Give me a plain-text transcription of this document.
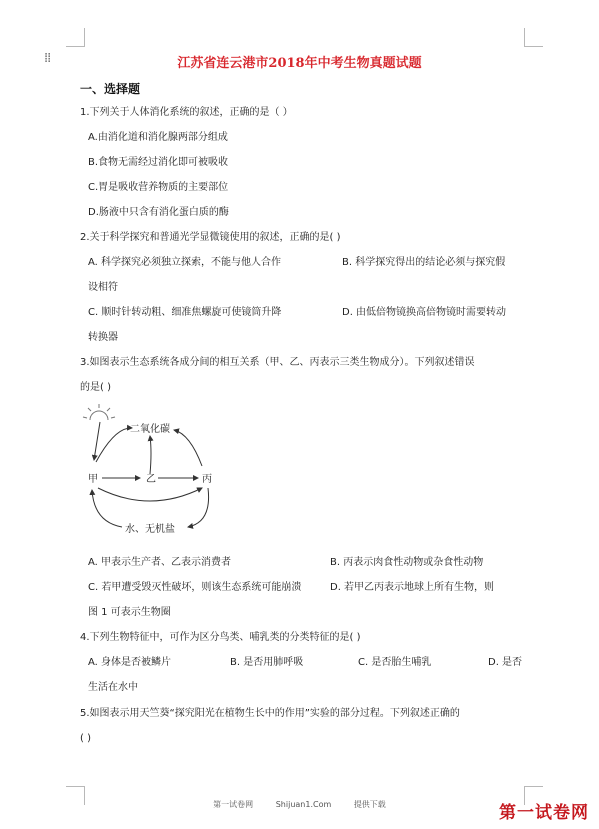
⁞⁞	江苏省连云港市2018年中考生物真题试题
一、选择题
1.下列关于人体消化系统的叙述，正确的是（ ）
A.由消化道和消化腺两部分组成
B.食物无需经过消化即可被吸收
C.胃是吸收营养物质的主要部位
D.肠液中只含有消化蛋白质的酶
2.关于科学探究和普通光学显微镜使用的叙述，正确的是( )
A. 科学探究必须独立探索，不能与他人合作	B. 科学探究得出的结论必须与探究假
设相符
C. 顺时针转动粗、细准焦螺旋可使镜筒升降	D. 由低倍物镜换高倍物镜时需要转动
转换器
3.如图表示生态系统各成分间的相互关系（甲、乙、丙表示三类生物成分）。下列叙述错误
的是( )
二氧化碳
甲	乙	丙
水、无机盐
A. 甲表示生产者、乙表示消费者	B. 丙表示肉食性动物或杂食性动物
C. 若甲遭受毁灭性破坏，则该生态系统可能崩溃	D. 若甲乙丙表示地球上所有生物，则
图 1 可表示生物圈
4.下列生物特征中，可作为区分鸟类、哺乳类的分类特征的是( )
A. 身体是否被鳞片	B. 是否用肺呼吸	C. 是否胎生哺乳	D. 是否
生活在水中
5.如图表示用天竺葵“探究阳光在植物生长中的作用”实验的部分过程。下列叙述正确的
( )
第一试卷网	Shijuan1.Com	提供下载	第一试卷网
